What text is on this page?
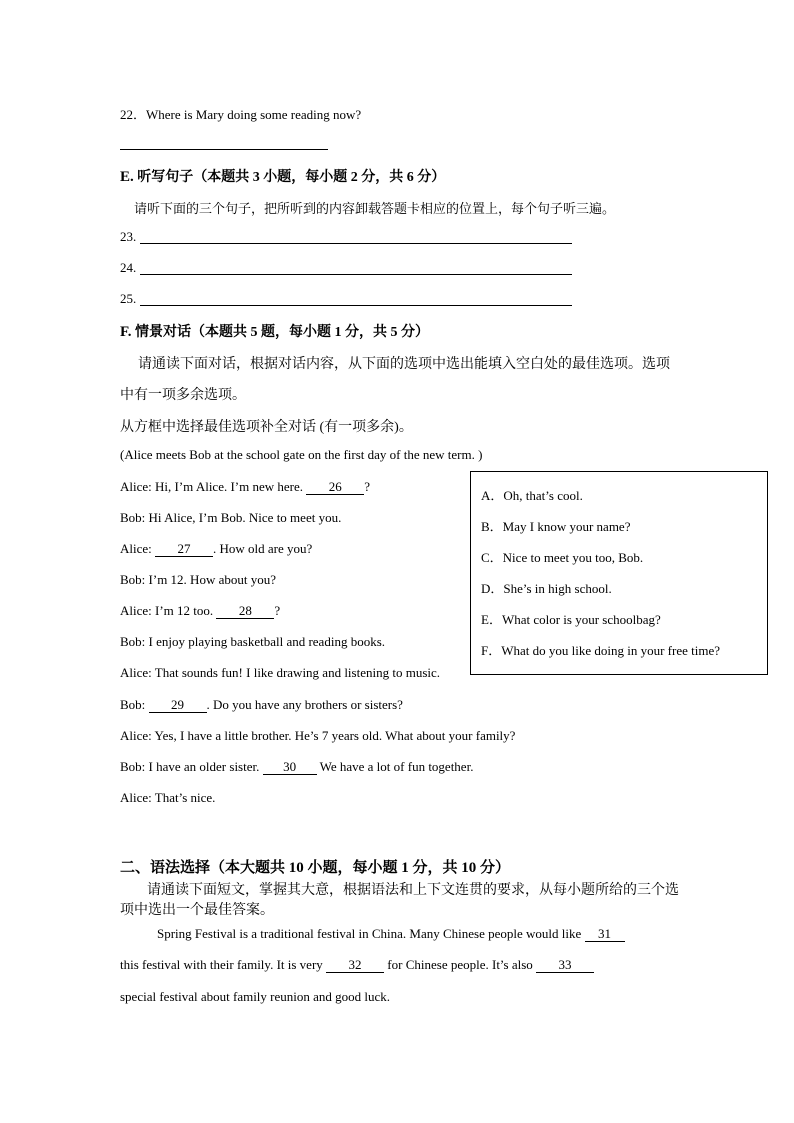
22．Where is Mary doing some reading now?
E. 听写句子（本题共 3 小题，每小题 2 分，共 6 分）
请听下面的三个句子，把所听到的内容卸载答题卡相应的位置上，每个句子听三遍。
23.
24.
25.
F. 情景对话（本题共 5 题，每小题 1 分，共 5 分）
请通读下面对话，根据对话内容，从下面的选项中选出能填入空白处的最佳选项。选项
中有一项多余选项。
从方框中选择最佳选项补全对话 (有一项多余)。
(Alice meets Bob at the school gate on the first day of the new term. )
Alice: Hi, I’m Alice. I’m new here. 26 ?
Bob: Hi Alice, I’m Bob. Nice to meet you.
Alice: 27 . How old are you?
Bob: I’m 12. How about you?
Alice: I’m 12 too. 28 ?
Bob: I enjoy playing basketball and reading books.
Alice: That sounds fun! I like drawing and listening to music.
Bob: 29 . Do you have any brothers or sisters?
Alice: Yes, I have a little brother. He’s 7 years old. What about your family?
Bob: I have an older sister. 30 We have a lot of fun together.
Alice: That’s nice.
A．Oh, that’s cool.
B．May I know your name?
C．Nice to meet you too, Bob.
D．She’s in high school.
E．What color is your schoolbag?
F．What do you like doing in your free time?
二、语法选择（本大题共 10 小题，每小题 1 分，共 10 分）
请通读下面短文，掌握其大意，根据语法和上下文连贯的要求，从每小题所给的三个选
项中选出一个最佳答案。
Spring Festival is a traditional festival in China. Many Chinese people would like 31
this festival with their family. It is very 32 for Chinese people. It’s also 33
special festival about family reunion and good luck.
